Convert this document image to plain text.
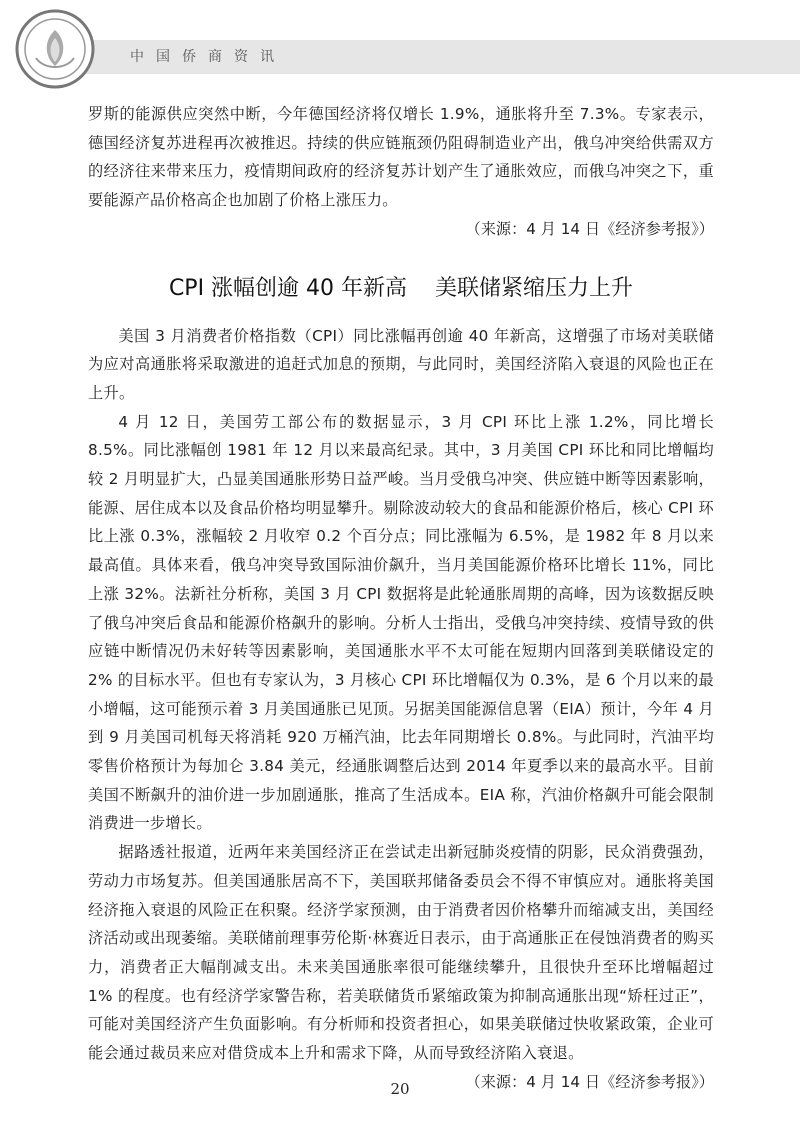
中国侨商资讯

罗斯的能源供应突然中断，今年德国经济将仅增长 1.9%，通胀将升至 7.3%。专家表示，德国经济复苏进程再次被推迟。持续的供应链瓶颈仍阻碍制造业产出，俄乌冲突给供需双方的经济往来带来压力，疫情期间政府的经济复苏计划产生了通胀效应，而俄乌冲突之下，重要能源产品价格高企也加剧了价格上涨压力。

（来源：4 月 14 日《经济参考报》）

CPI 涨幅创逾 40 年新高 美联储紧缩压力上升

美国 3 月消费者价格指数（CPI）同比涨幅再创逾 40 年新高，这增强了市场对美联储为应对高通胀将采取激进的追赶式加息的预期，与此同时，美国经济陷入衰退的风险也正在上升。

4 月 12 日，美国劳工部公布的数据显示，3 月 CPI 环比上涨 1.2%，同比增长 8.5%。同比涨幅创 1981 年 12 月以来最高纪录。其中，3 月美国 CPI 环比和同比增幅均较 2 月明显扩大，凸显美国通胀形势日益严峻。当月受俄乌冲突、供应链中断等因素影响，能源、居住成本以及食品价格均明显攀升。剔除波动较大的食品和能源价格后，核心 CPI 环比上涨 0.3%，涨幅较 2 月收窄 0.2 个百分点；同比涨幅为 6.5%，是 1982 年 8 月以来最高值。具体来看，俄乌冲突导致国际油价飙升，当月美国能源价格环比增长 11%，同比上涨 32%。法新社分析称，美国 3 月 CPI 数据将是此轮通胀周期的高峰，因为该数据反映了俄乌冲突后食品和能源价格飙升的影响。分析人士指出，受俄乌冲突持续、疫情导致的供应链中断情况仍未好转等因素影响，美国通胀水平不太可能在短期内回落到美联储设定的 2% 的目标水平。但也有专家认为，3 月核心 CPI 环比增幅仅为 0.3%，是 6 个月以来的最小增幅，这可能预示着 3 月美国通胀已见顶。另据美国能源信息署（EIA）预计，今年 4 月到 9 月美国司机每天将消耗 920 万桶汽油，比去年同期增长 0.8%。与此同时，汽油平均零售价格预计为每加仑 3.84 美元，经通胀调整后达到 2014 年夏季以来的最高水平。目前美国不断飙升的油价进一步加剧通胀，推高了生活成本。EIA 称，汽油价格飙升可能会限制消费进一步增长。

据路透社报道，近两年来美国经济正在尝试走出新冠肺炎疫情的阴影，民众消费强劲，劳动力市场复苏。但美国通胀居高不下，美国联邦储备委员会不得不审慎应对。通胀将美国经济拖入衰退的风险正在积聚。经济学家预测，由于消费者因价格攀升而缩减支出，美国经济活动或出现萎缩。美联储前理事劳伦斯·林赛近日表示，由于高通胀正在侵蚀消费者的购买力，消费者正大幅削减支出。未来美国通胀率很可能继续攀升，且很快升至环比增幅超过 1% 的程度。也有经济学家警告称，若美联储货币紧缩政策为抑制高通胀出现“矫枉过正”，可能对美国经济产生负面影响。有分析师和投资者担心，如果美联储过快收紧政策，企业可能会通过裁员来应对借贷成本上升和需求下降，从而导致经济陷入衰退。

（来源：4 月 14 日《经济参考报》）

20
